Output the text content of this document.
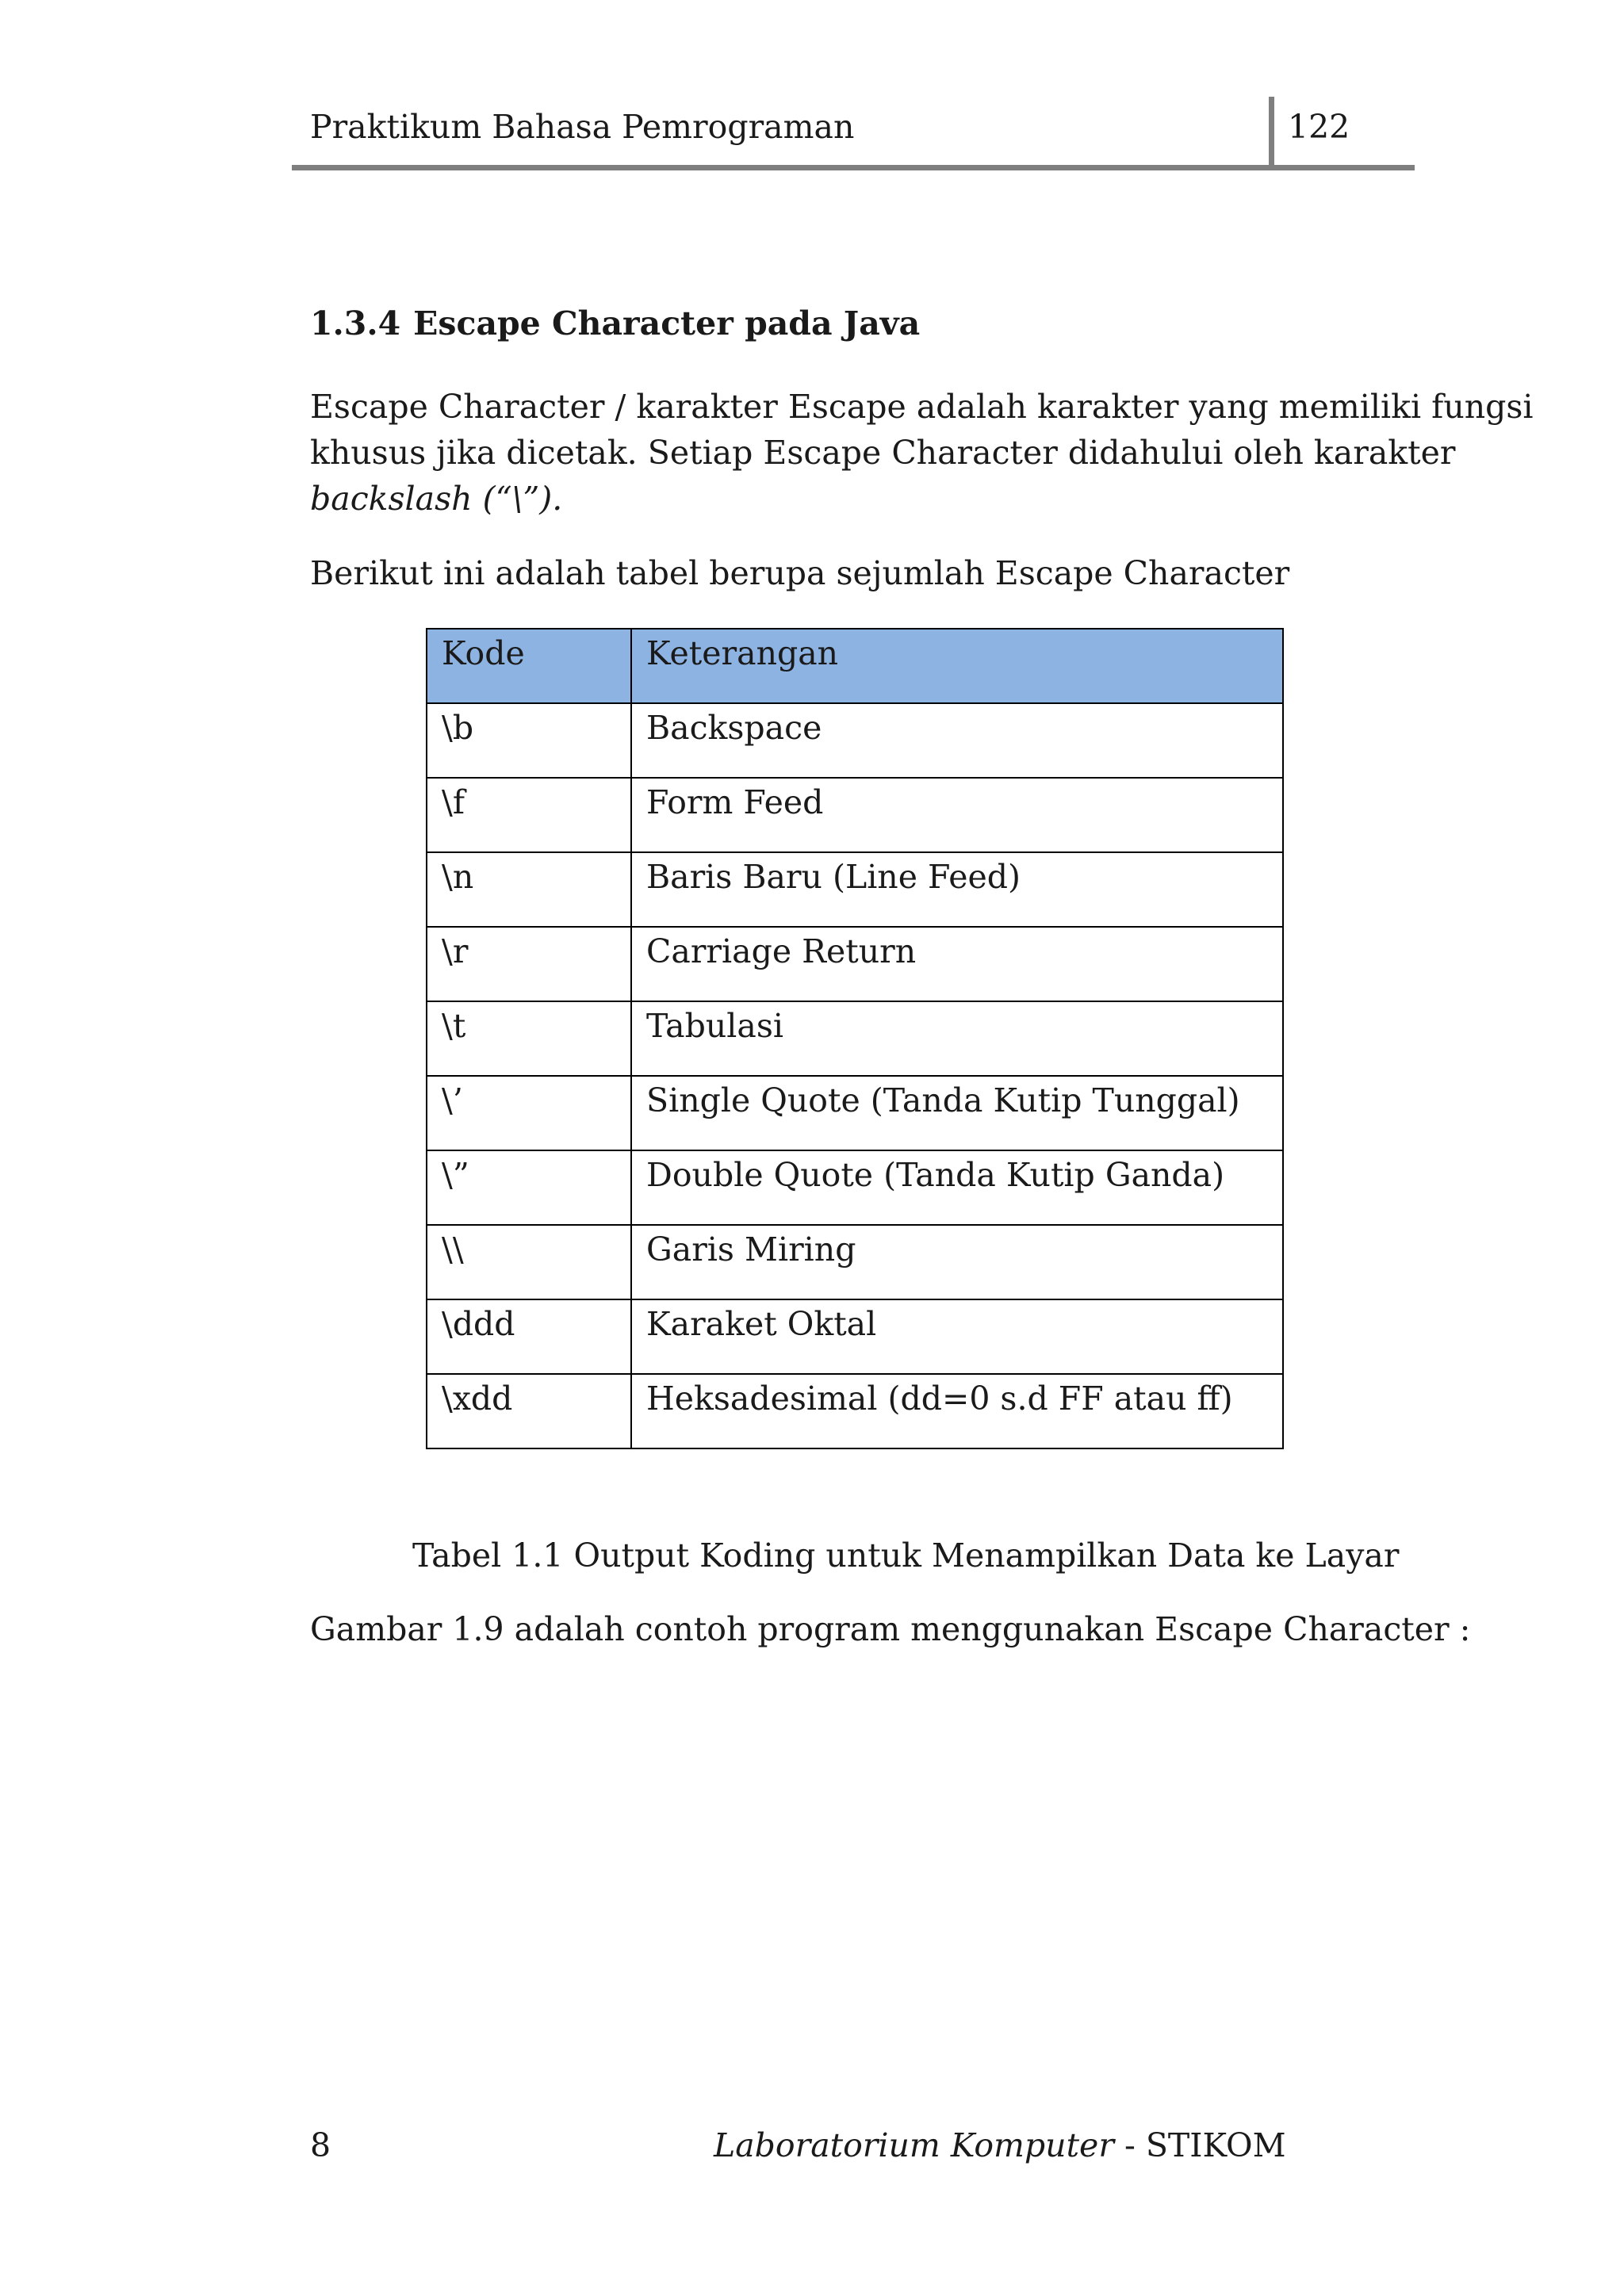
Praktikum Bahasa Pemrograman	122
1.3.4 Escape Character pada Java
Escape Character / karakter Escape adalah karakter yang memiliki fungsi
khusus jika dicetak. Setiap Escape Character didahului oleh karakter
backslash (“\”).
Berikut ini adalah tabel berupa sejumlah Escape Character
Kode	Keterangan
\b	Backspace
\f	Form Feed
\n	Baris Baru (Line Feed)
\r	Carriage Return
\t	Tabulasi
\’	Single Quote (Tanda Kutip Tunggal)
\”	Double Quote (Tanda Kutip Ganda)
\\	Garis Miring
\ddd	Karaket Oktal
\xdd	Heksadesimal (dd=0 s.d FF atau ff)
Tabel 1.1 Output Koding untuk Menampilkan Data ke Layar
Gambar 1.9 adalah contoh program menggunakan Escape Character :
8	Laboratorium Komputer - STIKOM
